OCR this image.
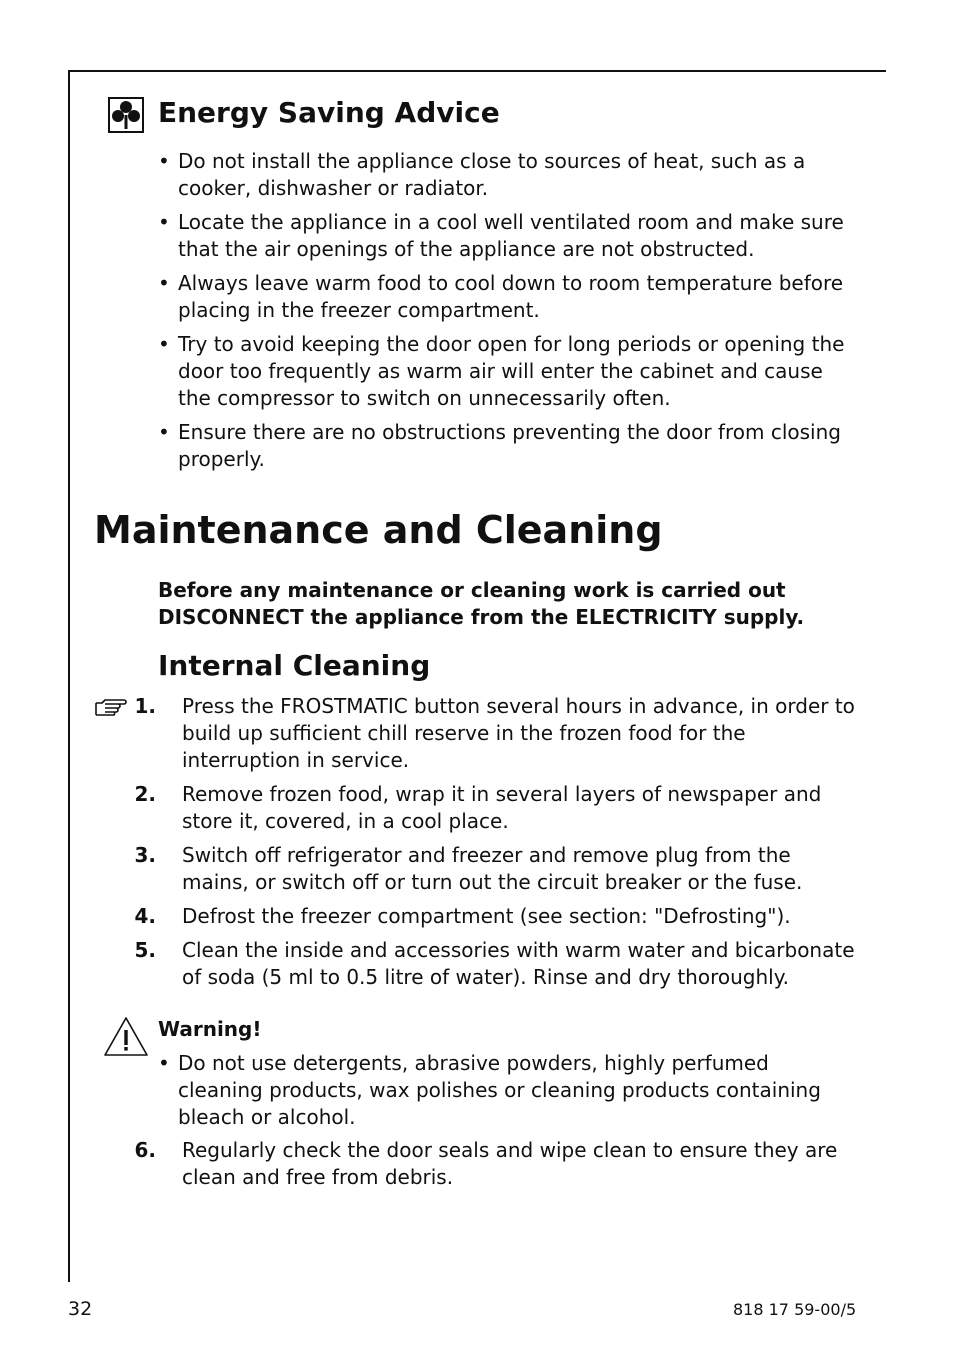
Energy Saving Advice
• Do not install the appliance close to sources of heat, such as a cooker, dishwasher or radiator.
• Locate the appliance in a cool well ventilated room and make sure that the air openings of the appliance are not obstructed.
• Always leave warm food to cool down to room temperature before placing in the freezer compartment.
• Try to avoid keeping the door open for long periods or opening the door too frequently as warm air will enter the cabinet and cause the compressor to switch on unnecessarily often.
• Ensure there are no obstructions preventing the door from closing properly.
Maintenance and Cleaning

Before any maintenance or cleaning work is carried out DISCONNECT the appliance from the ELECTRICITY supply.

Internal Cleaning
1. Press the FROSTMATIC button several hours in advance, in order to build up sufficient chill reserve in the frozen food for the interruption in service.
2. Remove frozen food, wrap it in several layers of newspaper and store it, covered, in a cool place.
3. Switch off refrigerator and freezer and remove plug from the mains, or switch off or turn out the circuit breaker or the fuse.
4. Defrost the freezer compartment (see section: "Defrosting").
5. Clean the inside and accessories with warm water and bicarbonate of soda (5 ml to 0.5 litre of water). Rinse and dry thoroughly.
Warning!
• Do not use detergents, abrasive powders, highly perfumed cleaning products, wax polishes or cleaning products containing bleach or alcohol.
6. Regularly check the door seals and wipe clean to ensure they are clean and free from debris.
32	818 17 59-00/5
